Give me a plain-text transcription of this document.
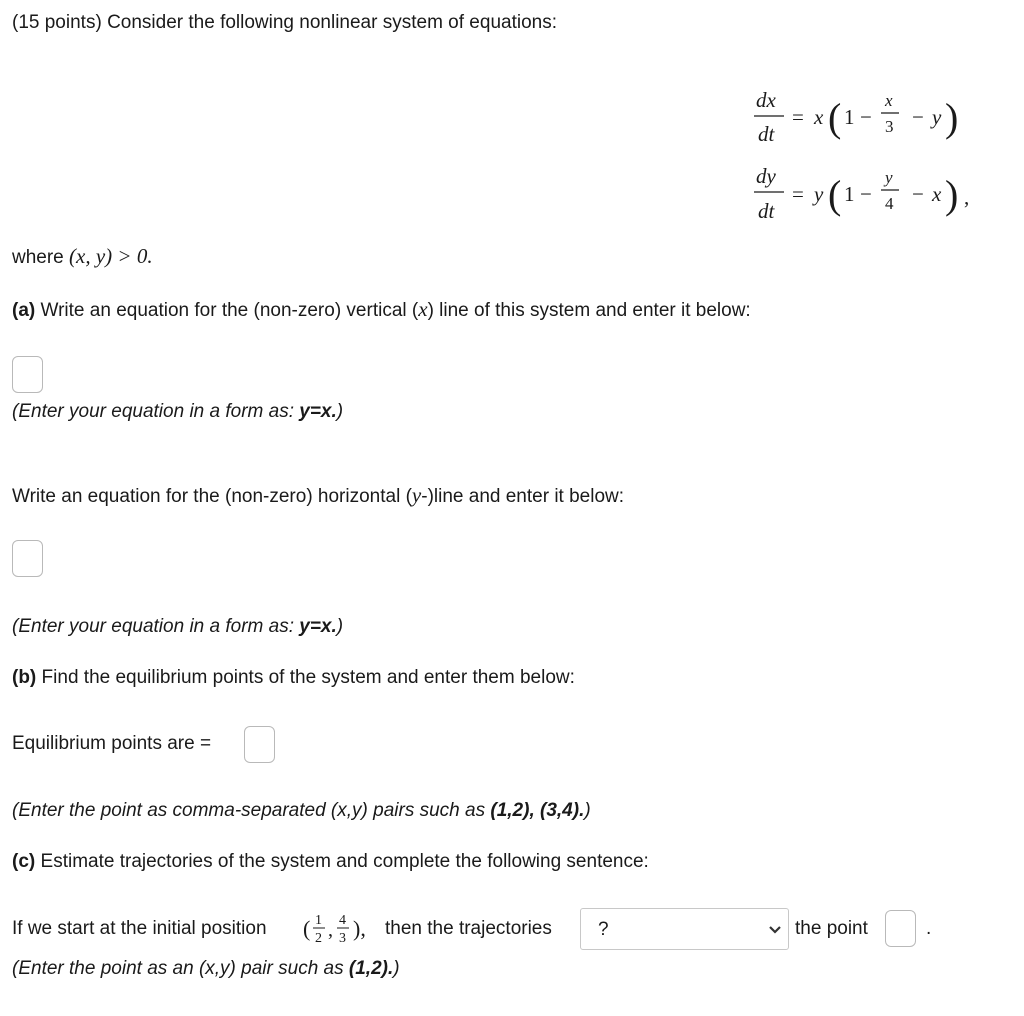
(15 points) Consider the following nonlinear system of equations:
dx
dt
= x ( 1 −
x
3 − y )
dy
dt
= y ( 1 −
y
4 − x ) ,
where (x, y) > 0.
(a) Write an equation for the (non-zero) vertical (x) line of this system and enter it below:
(Enter your equation in a form as: y=x.)
Write an equation for the (non-zero) horizontal (y-)line and enter it below:
(Enter your equation in a form as: y=x.)
(b) Find the equilibrium points of the system and enter them below:
Equilibrium points are =
(Enter the point as comma-separated (x,y) pairs such as (1,2), (3,4).)
(c) Estimate trajectories of the system and complete the following sentence:
If we start at the initial position ( 1
2 , 4
3 ), then the trajectories ?	the point	.
(Enter the point as an (x,y) pair such as (1,2).)
